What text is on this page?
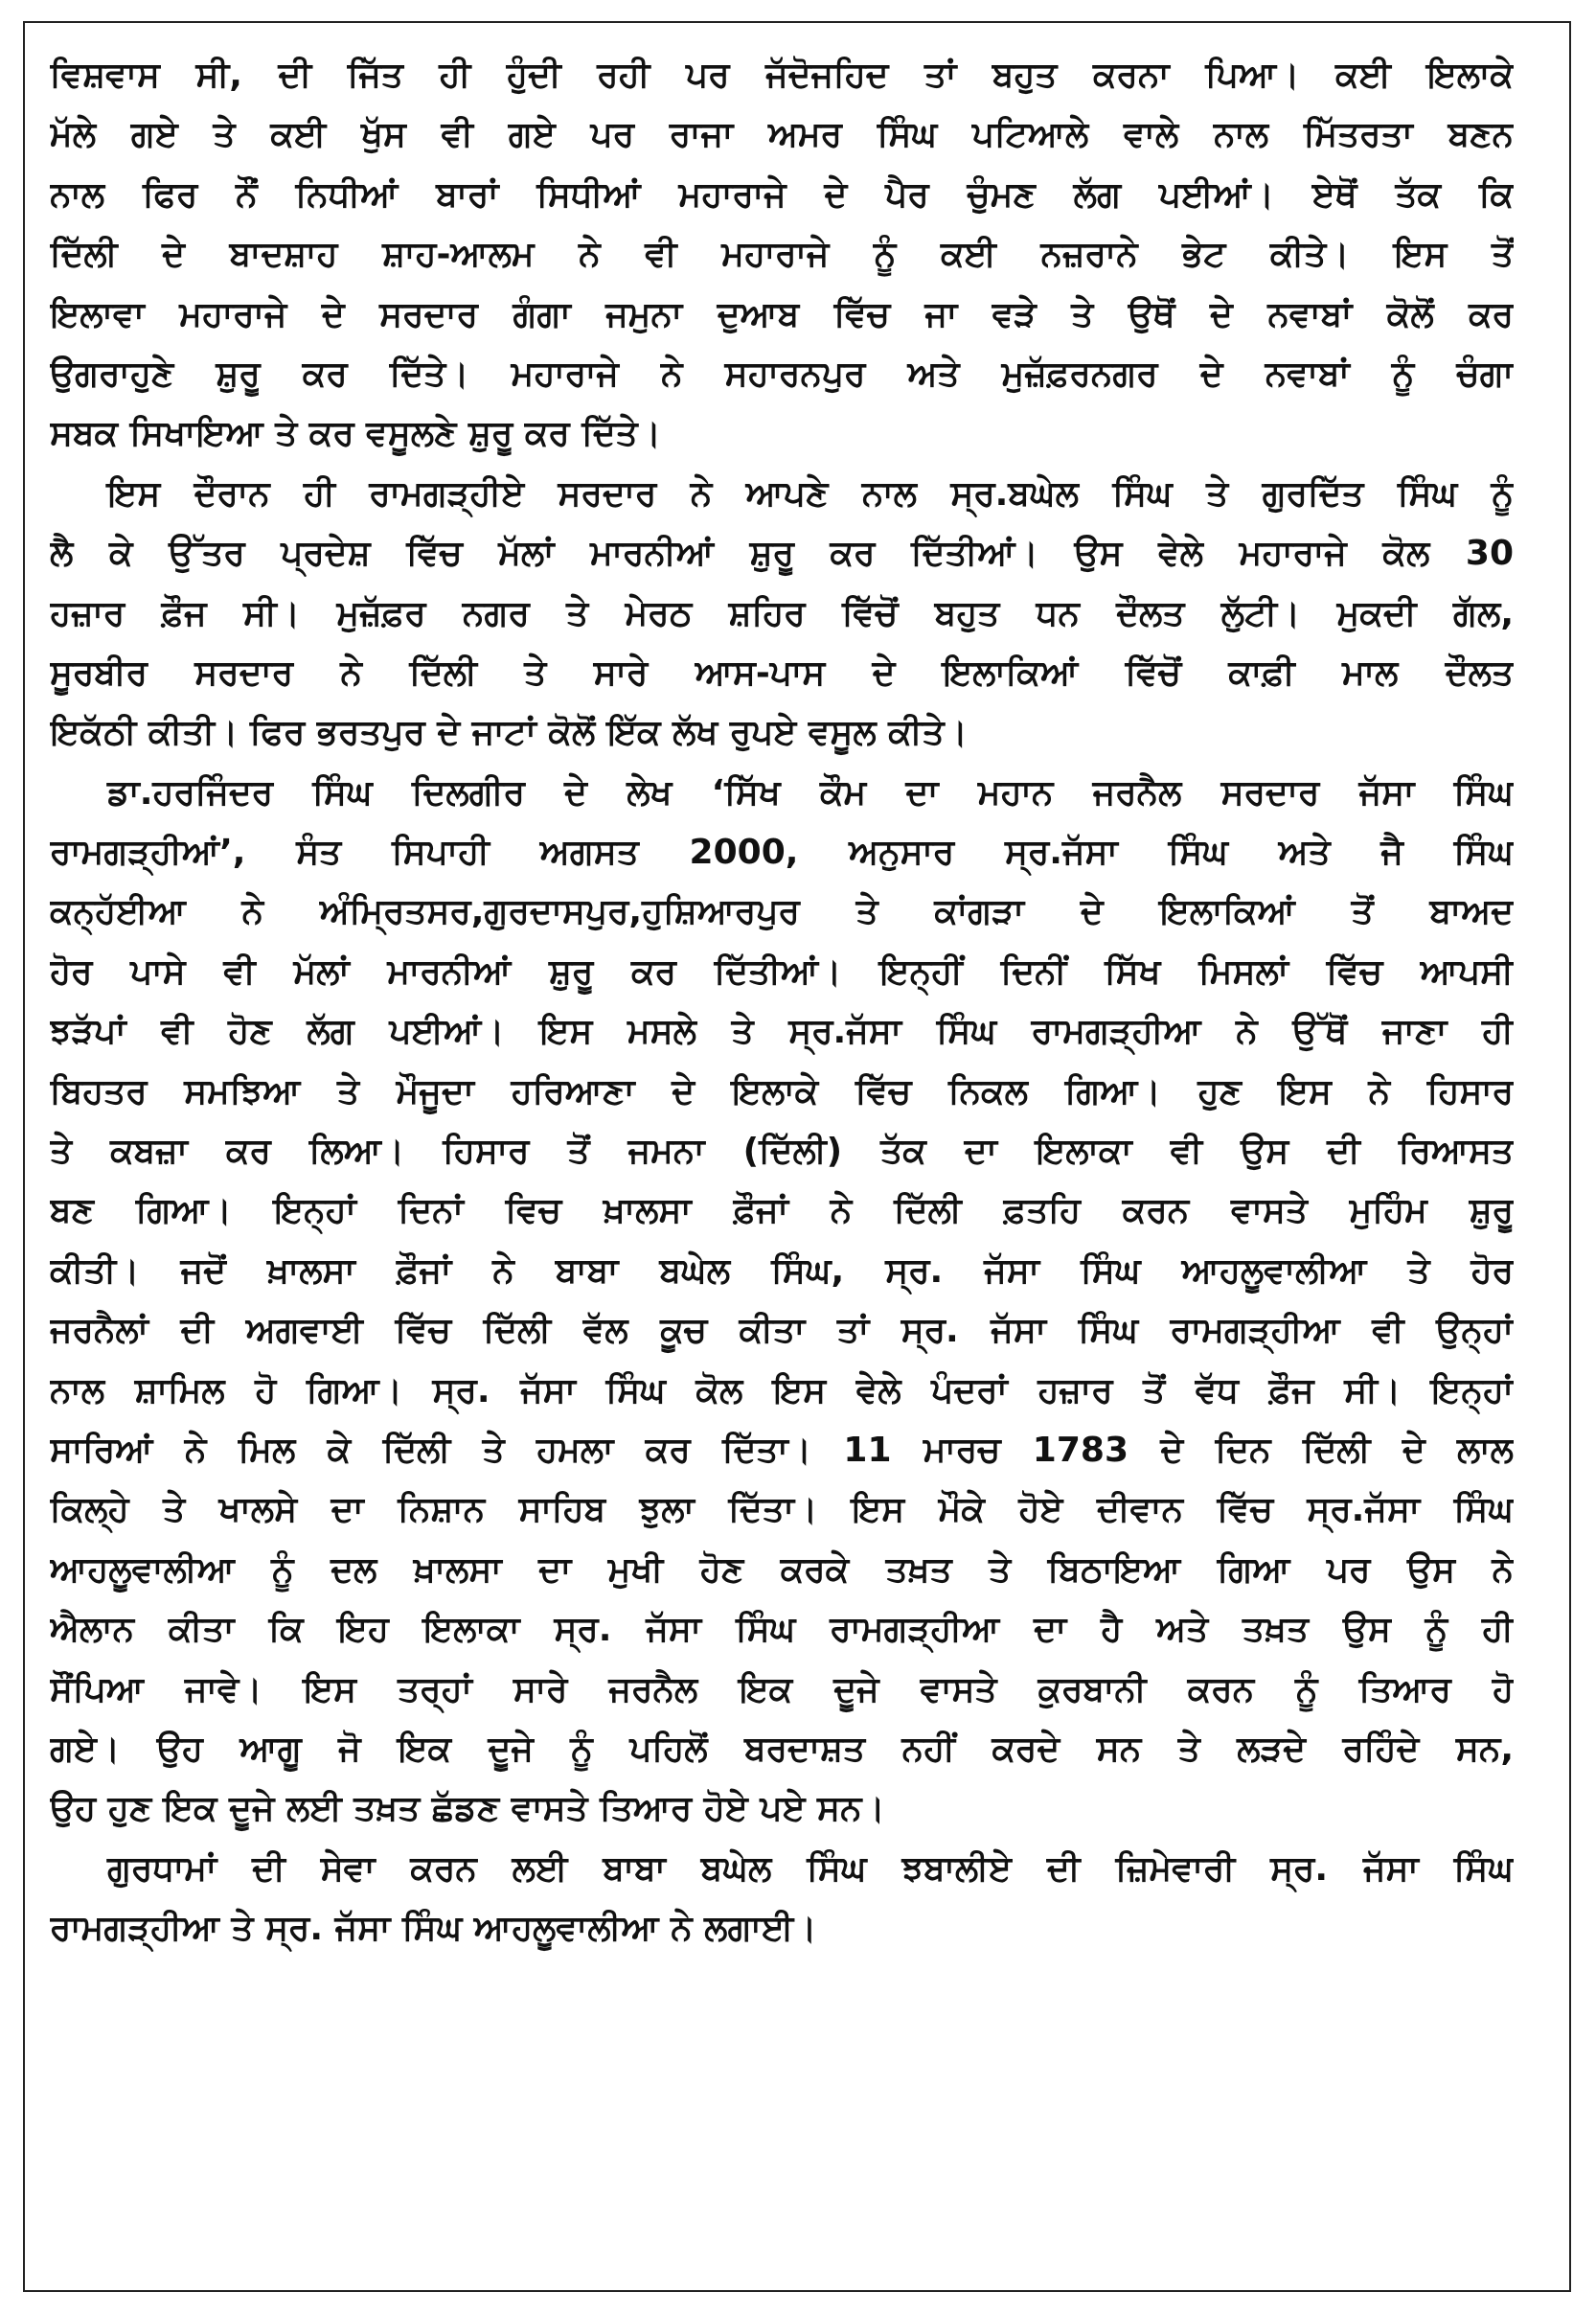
ਵਿਸ਼ਵਾਸ ਸੀ, ਦੀ ਜਿੱਤ ਹੀ ਹੁੰਦੀ ਰਹੀ ਪਰ ਜੱਦੋਜਹਿਦ ਤਾਂ ਬਹੁਤ ਕਰਨਾ ਪਿਆ। ਕਈ ਇਲਾਕੇ
ਮੱਲੇ ਗਏ ਤੇ ਕਈ ਖੁੱਸ ਵੀ ਗਏ ਪਰ ਰਾਜਾ ਅਮਰ ਸਿੰਘ ਪਟਿਆਲੇ ਵਾਲੇ ਨਾਲ ਮਿੱਤਰਤਾ ਬਣਨ
ਨਾਲ ਫਿਰ ਨੌਂ ਨਿਧੀਆਂ ਬਾਰਾਂ ਸਿਧੀਆਂ ਮਹਾਰਾਜੇ ਦੇ ਪੈਰ ਚੁੰਮਣ ਲੱਗ ਪਈਆਂ। ਏਥੋਂ ਤੱਕ ਕਿ
ਦਿੱਲੀ ਦੇ ਬਾਦਸ਼ਾਹ ਸ਼ਾਹ-ਆਲਮ ਨੇ ਵੀ ਮਹਾਰਾਜੇ ਨੂੰ ਕਈ ਨਜ਼ਰਾਨੇ ਭੇਟ ਕੀਤੇ। ਇਸ ਤੋਂ
ਇਲਾਵਾ ਮਹਾਰਾਜੇ ਦੇ ਸਰਦਾਰ ਗੰਗਾ ਜਮੁਨਾ ਦੁਆਬ ਵਿੱਚ ਜਾ ਵੜੇ ਤੇ ਉਥੋਂ ਦੇ ਨਵਾਬਾਂ ਕੋਲੋਂ ਕਰ
ਉਗਰਾਹੁਣੇ ਸ਼ੁਰੂ ਕਰ ਦਿੱਤੇ। ਮਹਾਰਾਜੇ ਨੇ ਸਹਾਰਨਪੁਰ ਅਤੇ ਮੁਜ਼ੱਫ਼ਰਨਗਰ ਦੇ ਨਵਾਬਾਂ ਨੂੰ ਚੰਗਾ
ਸਬਕ ਸਿਖਾਇਆ ਤੇ ਕਰ ਵਸੂਲਣੇ ਸ਼ੁਰੂ ਕਰ ਦਿੱਤੇ।
ਇਸ ਦੌਰਾਨ ਹੀ ਰਾਮਗੜ੍ਹੀਏ ਸਰਦਾਰ ਨੇ ਆਪਣੇ ਨਾਲ ਸ੍ਰ.ਬਘੇਲ ਸਿੰਘ ਤੇ ਗੁਰਦਿੱਤ ਸਿੰਘ ਨੂੰ
ਲੈ ਕੇ ਉੱਤਰ ਪ੍ਰਦੇਸ਼ ਵਿੱਚ ਮੱਲਾਂ ਮਾਰਨੀਆਂ ਸ਼ੁਰੂ ਕਰ ਦਿੱਤੀਆਂ। ਉਸ ਵੇਲੇ ਮਹਾਰਾਜੇ ਕੋਲ 30
ਹਜ਼ਾਰ ਫ਼ੌਜ ਸੀ। ਮੁਜ਼ੱਫ਼ਰ ਨਗਰ ਤੇ ਮੇਰਠ ਸ਼ਹਿਰ ਵਿੱਚੋਂ ਬਹੁਤ ਧਨ ਦੌਲਤ ਲੁੱਟੀ। ਮੁਕਦੀ ਗੱਲ,
ਸੂਰਬੀਰ ਸਰਦਾਰ ਨੇ ਦਿੱਲੀ ਤੇ ਸਾਰੇ ਆਸ-ਪਾਸ ਦੇ ਇਲਾਕਿਆਂ ਵਿੱਚੋਂ ਕਾਫ਼ੀ ਮਾਲ ਦੌਲਤ
ਇਕੱਠੀ ਕੀਤੀ। ਫਿਰ ਭਰਤਪੁਰ ਦੇ ਜਾਟਾਂ ਕੋਲੋਂ ਇੱਕ ਲੱਖ ਰੁਪਏ ਵਸੂਲ ਕੀਤੇ।
ਡਾ.ਹਰਜਿੰਦਰ ਸਿੰਘ ਦਿਲਗੀਰ ਦੇ ਲੇਖ ‘ਸਿੱਖ ਕੌਮ ਦਾ ਮਹਾਨ ਜਰਨੈਲ ਸਰਦਾਰ ਜੱਸਾ ਸਿੰਘ
ਰਾਮਗੜ੍ਹੀਆਂ’, ਸੰਤ ਸਿਪਾਹੀ ਅਗਸਤ 2000, ਅਨੁਸਾਰ ਸ੍ਰ.ਜੱਸਾ ਸਿੰਘ ਅਤੇ ਜੈ ਸਿੰਘ
ਕਨ੍ਹੱਈਆ ਨੇ ਅੰਮ੍ਰਿਤਸਰ,ਗੁਰਦਾਸਪੁਰ,ਹੁਸ਼ਿਆਰਪੁਰ ਤੇ ਕਾਂਗੜਾ ਦੇ ਇਲਾਕਿਆਂ ਤੋਂ ਬਾਅਦ
ਹੋਰ ਪਾਸੇ ਵੀ ਮੱਲਾਂ ਮਾਰਨੀਆਂ ਸ਼ੁਰੂ ਕਰ ਦਿੱਤੀਆਂ। ਇਨ੍ਹੀਂ ਦਿਨੀਂ ਸਿੱਖ ਮਿਸਲਾਂ ਵਿੱਚ ਆਪਸੀ
ਝੜੱਪਾਂ ਵੀ ਹੋਣ ਲੱਗ ਪਈਆਂ। ਇਸ ਮਸਲੇ ਤੇ ਸ੍ਰ.ਜੱਸਾ ਸਿੰਘ ਰਾਮਗੜ੍ਹੀਆ ਨੇ ਉੱਥੋਂ ਜਾਣਾ ਹੀ
ਬਿਹਤਰ ਸਮਝਿਆ ਤੇ ਮੌਜੂਦਾ ਹਰਿਆਣਾ ਦੇ ਇਲਾਕੇ ਵਿੱਚ ਨਿਕਲ ਗਿਆ। ਹੁਣ ਇਸ ਨੇ ਹਿਸਾਰ
ਤੇ ਕਬਜ਼ਾ ਕਰ ਲਿਆ। ਹਿਸਾਰ ਤੋਂ ਜਮਨਾ (ਦਿੱਲੀ) ਤੱਕ ਦਾ ਇਲਾਕਾ ਵੀ ਉਸ ਦੀ ਰਿਆਸਤ
ਬਣ ਗਿਆ। ਇਨ੍ਹਾਂ ਦਿਨਾਂ ਵਿਚ ਖ਼ਾਲਸਾ ਫ਼ੌਜਾਂ ਨੇ ਦਿੱਲੀ ਫ਼ਤਹਿ ਕਰਨ ਵਾਸਤੇ ਮੁਹਿੰਮ ਸ਼ੁਰੂ
ਕੀਤੀ। ਜਦੋਂ ਖ਼ਾਲਸਾ ਫ਼ੌਜਾਂ ਨੇ ਬਾਬਾ ਬਘੇਲ ਸਿੰਘ, ਸ੍ਰ. ਜੱਸਾ ਸਿੰਘ ਆਹਲੂਵਾਲੀਆ ਤੇ ਹੋਰ
ਜਰਨੈਲਾਂ ਦੀ ਅਗਵਾਈ ਵਿੱਚ ਦਿੱਲੀ ਵੱਲ ਕੂਚ ਕੀਤਾ ਤਾਂ ਸ੍ਰ. ਜੱਸਾ ਸਿੰਘ ਰਾਮਗੜ੍ਹੀਆ ਵੀ ਉਨ੍ਹਾਂ
ਨਾਲ ਸ਼ਾਮਿਲ ਹੋ ਗਿਆ। ਸ੍ਰ. ਜੱਸਾ ਸਿੰਘ ਕੋਲ ਇਸ ਵੇਲੇ ਪੰਦਰਾਂ ਹਜ਼ਾਰ ਤੋਂ ਵੱਧ ਫ਼ੌਜ ਸੀ। ਇਨ੍ਹਾਂ
ਸਾਰਿਆਂ ਨੇ ਮਿਲ ਕੇ ਦਿੱਲੀ ਤੇ ਹਮਲਾ ਕਰ ਦਿੱਤਾ। 11 ਮਾਰਚ 1783 ਦੇ ਦਿਨ ਦਿੱਲੀ ਦੇ ਲਾਲ
ਕਿਲ੍ਹੇ ਤੇ ਖਾਲਸੇ ਦਾ ਨਿਸ਼ਾਨ ਸਾਹਿਬ ਝੁਲਾ ਦਿੱਤਾ। ਇਸ ਮੌਕੇ ਹੋਏ ਦੀਵਾਨ ਵਿੱਚ ਸ੍ਰ.ਜੱਸਾ ਸਿੰਘ
ਆਹਲੂਵਾਲੀਆ ਨੂੰ ਦਲ ਖ਼ਾਲਸਾ ਦਾ ਮੁਖੀ ਹੋਣ ਕਰਕੇ ਤਖ਼ਤ ਤੇ ਬਿਠਾਇਆ ਗਿਆ ਪਰ ਉਸ ਨੇ
ਐਲਾਨ ਕੀਤਾ ਕਿ ਇਹ ਇਲਾਕਾ ਸ੍ਰ. ਜੱਸਾ ਸਿੰਘ ਰਾਮਗੜ੍ਹੀਆ ਦਾ ਹੈ ਅਤੇ ਤਖ਼ਤ ਉਸ ਨੂੰ ਹੀ
ਸੌਂਪਿਆ ਜਾਵੇ। ਇਸ ਤਰ੍ਹਾਂ ਸਾਰੇ ਜਰਨੈਲ ਇਕ ਦੂਜੇ ਵਾਸਤੇ ਕੁਰਬਾਨੀ ਕਰਨ ਨੂੰ ਤਿਆਰ ਹੋ
ਗਏ। ਉਹ ਆਗੂ ਜੋ ਇਕ ਦੂਜੇ ਨੂੰ ਪਹਿਲੋਂ ਬਰਦਾਸ਼ਤ ਨਹੀਂ ਕਰਦੇ ਸਨ ਤੇ ਲੜਦੇ ਰਹਿੰਦੇ ਸਨ,
ਉਹ ਹੁਣ ਇਕ ਦੂਜੇ ਲਈ ਤਖ਼ਤ ਛੱਡਣ ਵਾਸਤੇ ਤਿਆਰ ਹੋਏ ਪਏ ਸਨ।
ਗੁਰਧਾਮਾਂ ਦੀ ਸੇਵਾ ਕਰਨ ਲਈ ਬਾਬਾ ਬਘੇਲ ਸਿੰਘ ਝਬਾਲੀਏ ਦੀ ਜ਼ਿਮੇਵਾਰੀ ਸ੍ਰ. ਜੱਸਾ ਸਿੰਘ
ਰਾਮਗੜ੍ਹੀਆ ਤੇ ਸ੍ਰ. ਜੱਸਾ ਸਿੰਘ ਆਹਲੂਵਾਲੀਆ ਨੇ ਲਗਾਈ।
